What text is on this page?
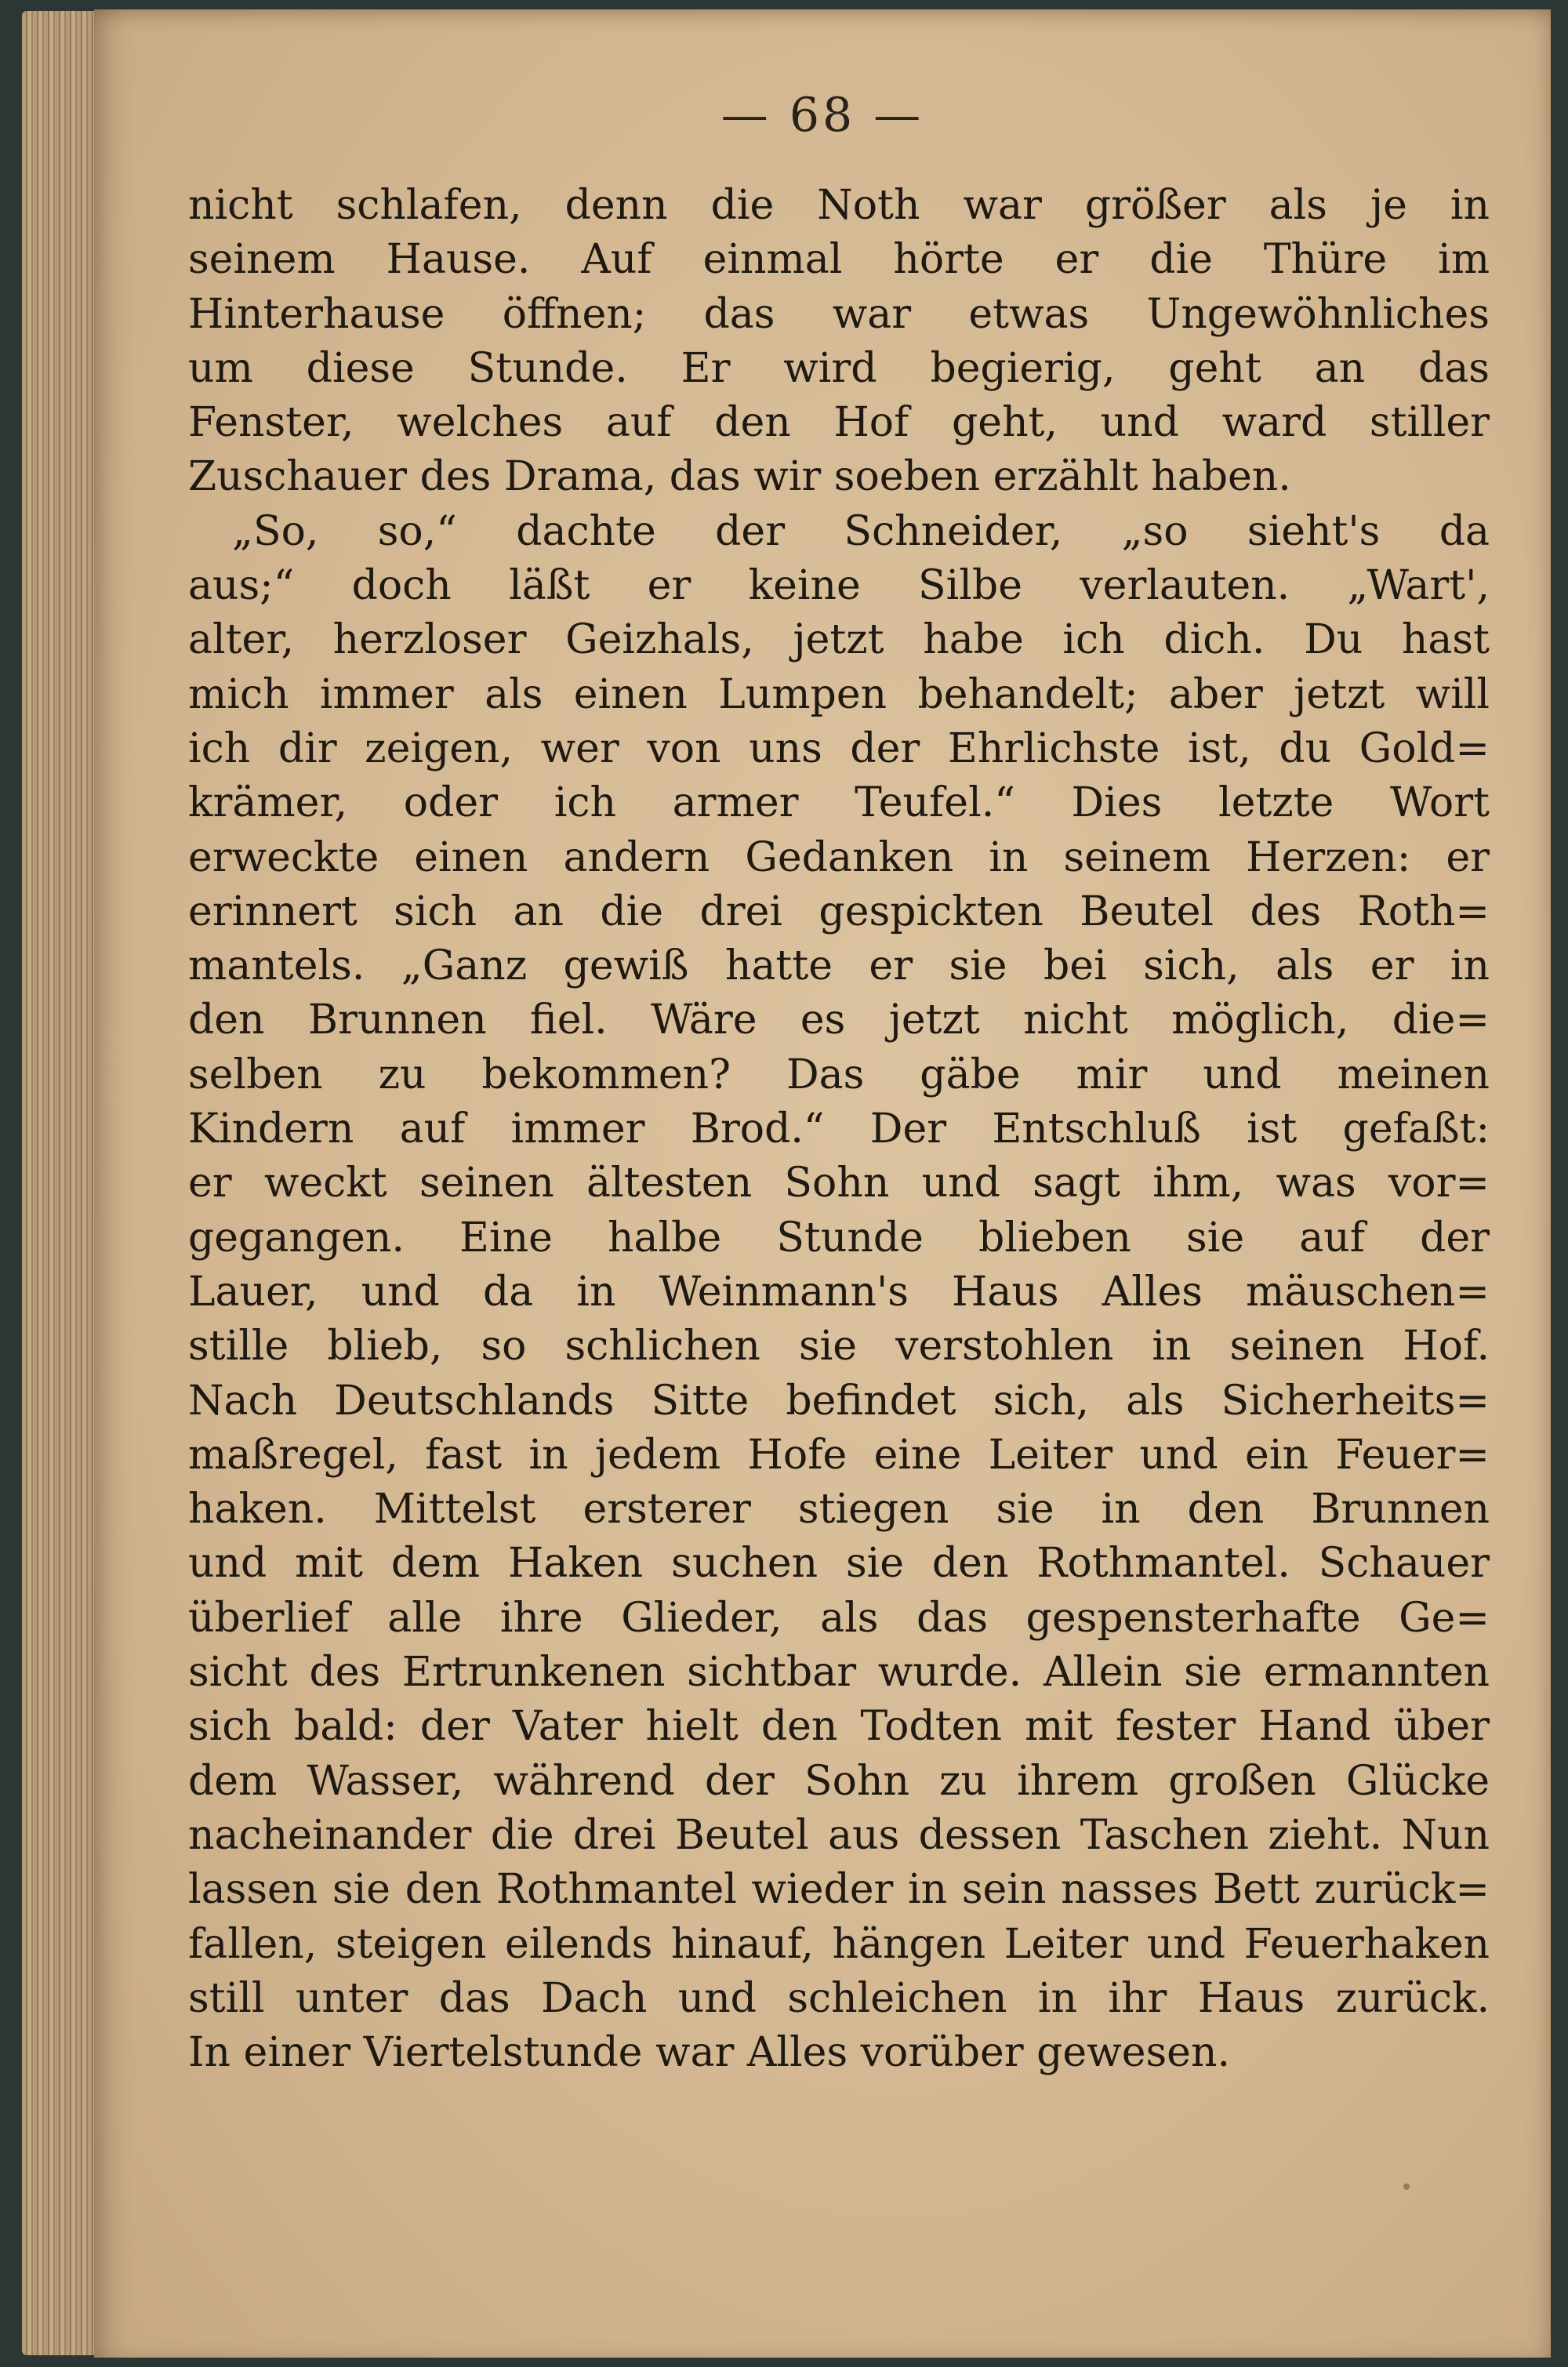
— 68 —
nicht schlafen, denn die Noth war größer als je in
seinem Hause. Auf einmal hörte er die Thüre im
Hinterhause öffnen; das war etwas Ungewöhnliches
um diese Stunde. Er wird begierig, geht an das
Fenster, welches auf den Hof geht, und ward stiller
Zuschauer des Drama, das wir soeben erzählt haben.
„So, so,“ dachte der Schneider, „so sieht's da
aus;“ doch läßt er keine Silbe verlauten. „Wart',
alter, herzloser Geizhals, jetzt habe ich dich. Du hast
mich immer als einen Lumpen behandelt; aber jetzt will
ich dir zeigen, wer von uns der Ehrlichste ist, du Gold=
krämer, oder ich armer Teufel.“ Dies letzte Wort
erweckte einen andern Gedanken in seinem Herzen: er
erinnert sich an die drei gespickten Beutel des Roth=
mantels. „Ganz gewiß hatte er sie bei sich, als er in
den Brunnen fiel. Wäre es jetzt nicht möglich, die=
selben zu bekommen? Das gäbe mir und meinen
Kindern auf immer Brod.“ Der Entschluß ist gefaßt:
er weckt seinen ältesten Sohn und sagt ihm, was vor=
gegangen. Eine halbe Stunde blieben sie auf der
Lauer, und da in Weinmann's Haus Alles mäuschen=
stille blieb, so schlichen sie verstohlen in seinen Hof.
Nach Deutschlands Sitte befindet sich, als Sicherheits=
maßregel, fast in jedem Hofe eine Leiter und ein Feuer=
haken. Mittelst ersterer stiegen sie in den Brunnen
und mit dem Haken suchen sie den Rothmantel. Schauer
überlief alle ihre Glieder, als das gespensterhafte Ge=
sicht des Ertrunkenen sichtbar wurde. Allein sie ermannten
sich bald: der Vater hielt den Todten mit fester Hand über
dem Wasser, während der Sohn zu ihrem großen Glücke
nacheinander die drei Beutel aus dessen Taschen zieht. Nun
lassen sie den Rothmantel wieder in sein nasses Bett zurück=
fallen, steigen eilends hinauf, hängen Leiter und Feuerhaken
still unter das Dach und schleichen in ihr Haus zurück.
In einer Viertelstunde war Alles vorüber gewesen.
